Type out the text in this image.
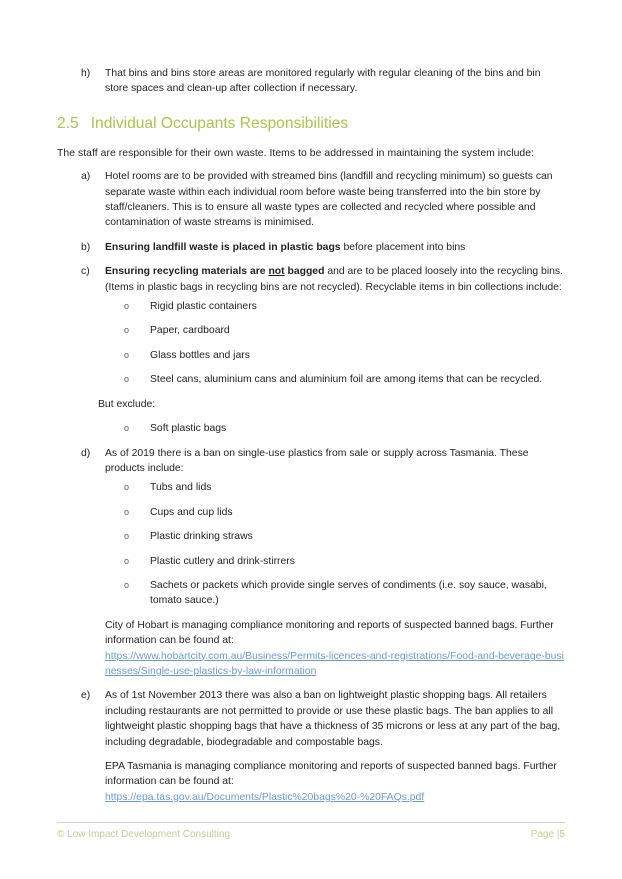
h)	That bins and bins store areas are monitored regularly with regular cleaning of the bins and bin store spaces and clean-up after collection if necessary.
2.5 Individual Occupants Responsibilities

The staff are responsible for their own waste. Items to be addressed in maintaining the system include:

a)	Hotel rooms are to be provided with streamed bins (landfill and recycling minimum) so guests can separate waste within each individual room before waste being transferred into the bin store by staff/cleaners. This is to ensure all waste types are collected and recycled where possible and contamination of waste streams is minimised.
b)	Ensuring landfill waste is placed in plastic bags before placement into bins
c)	Ensuring recycling materials are not bagged and are to be placed loosely into the recycling bins. (Items in plastic bags in recycling bins are not recycled). Recyclable items in bin collections include:
o	Rigid plastic containers
o	Paper, cardboard
o	Glass bottles and jars
o	Steel cans, aluminium cans and aluminium foil are among items that can be recycled.
But exclude:
o	Soft plastic bags
d)	As of 2019 there is a ban on single-use plastics from sale or supply across Tasmania. These products include:
o	Tubs and lids
o	Cups and cup lids
o	Plastic drinking straws
o	Plastic cutlery and drink-stirrers
o	Sachets or packets which provide single serves of condiments (i.e. soy sauce, wasabi, tomato sauce.)
City of Hobart is managing compliance monitoring and reports of suspected banned bags. Further information can be found at:
https://www.hobartcity.com.au/Business/Permits-licences-and-registrations/Food-and-beverage-businesses/Single-use-plastics-by-law-information
e)	As of 1st November 2013 there was also a ban on lightweight plastic shopping bags. All retailers including restaurants are not permitted to provide or use these plastic bags. The ban applies to all lightweight plastic shopping bags that have a thickness of 35 microns or less at any part of the bag, including degradable, biodegradable and compostable bags.
EPA Tasmania is managing compliance monitoring and reports of suspected banned bags. Further information can be found at:
https://epa.tas.gov.au/Documents/Plastic%20bags%20-%20FAQs.pdf
© Low Impact Development Consulting	Page |5
